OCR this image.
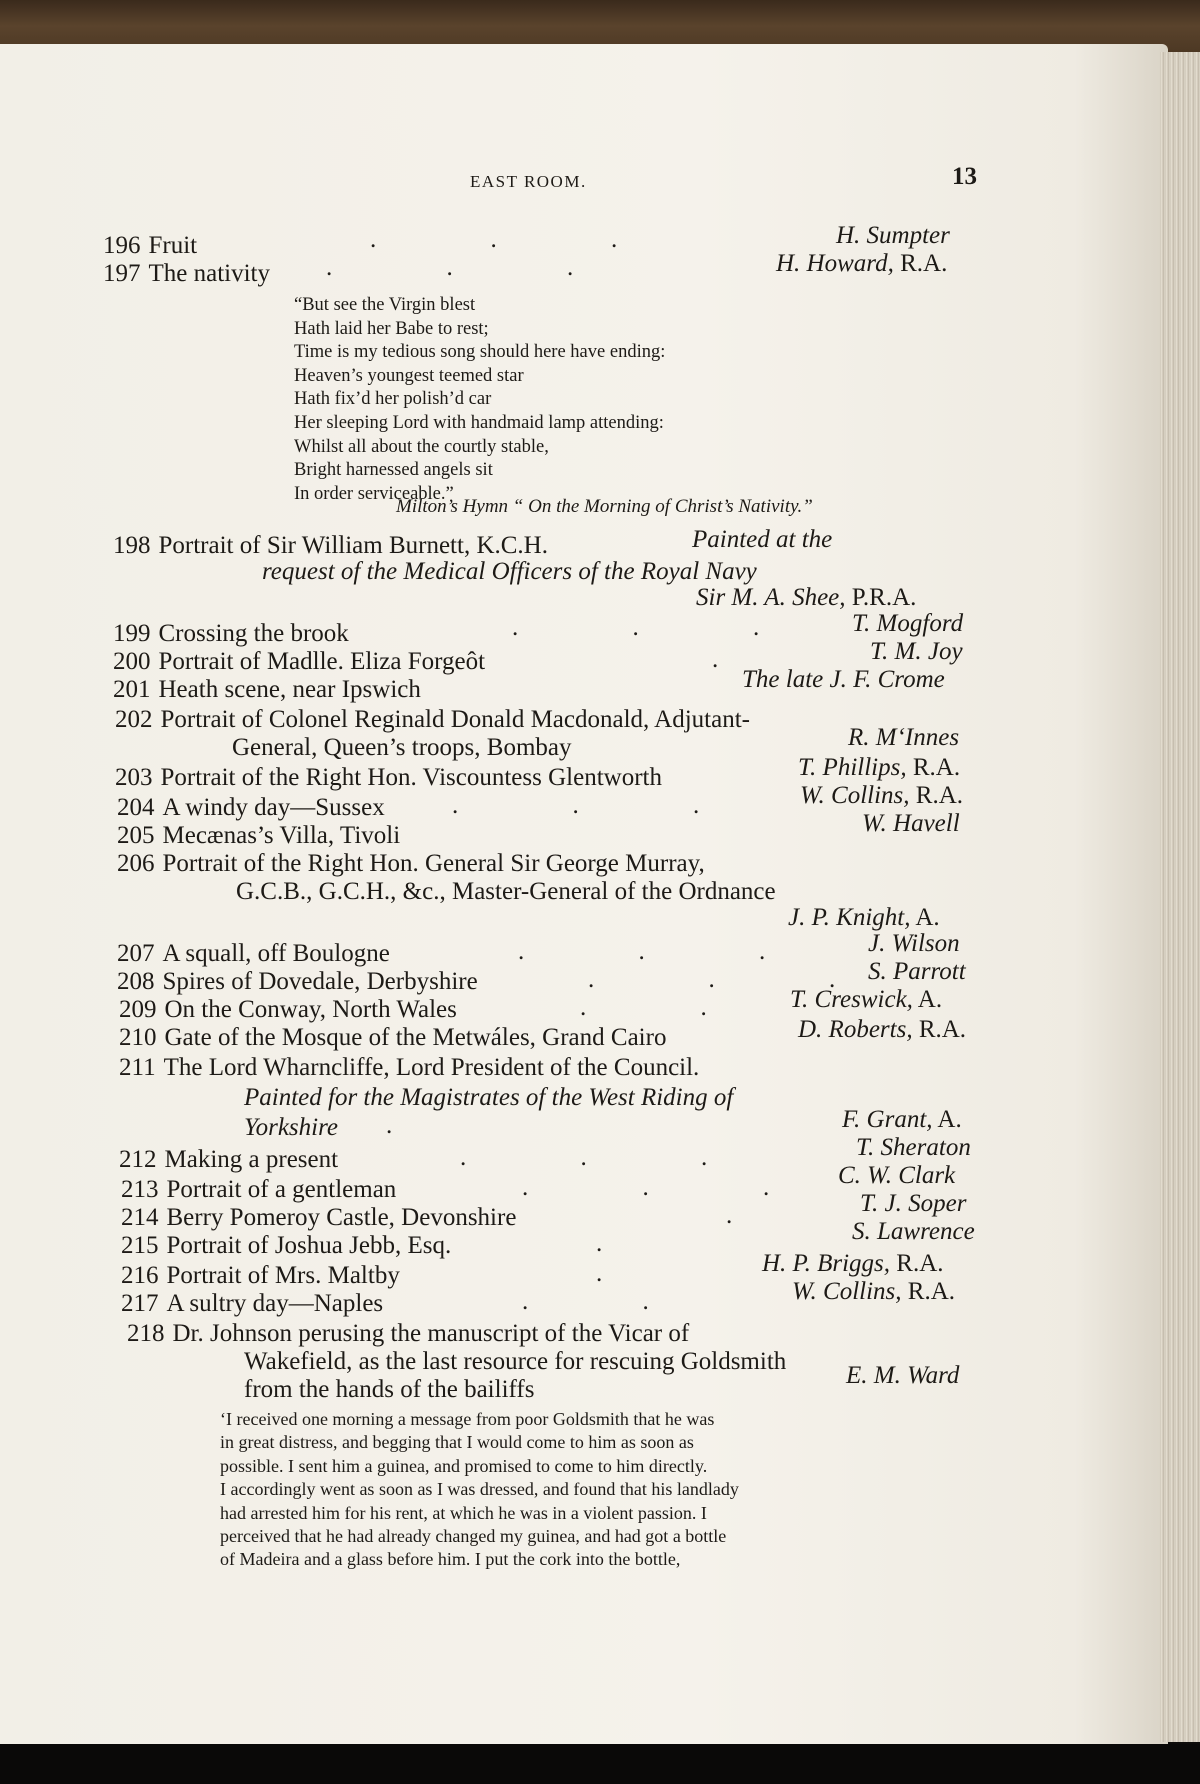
EAST ROOM.	13
196 Fruit	. . .	H. Sumpter
197 The nativity . . .	H. Howard, R.A.
“But see the Virgin blest
Hath laid her Babe to rest;
Time is my tedious song should here have ending:
Heaven’s youngest teemed star
Hath fix’d her polish’d car
Her sleeping Lord with handmaid lamp attending:
Whilst all about the courtly stable,
Bright harnessed angels sit
In order serviceable.”
Milton’s Hymn “ On the Morning of Christ’s Nativity.”
198 Portrait of Sir William Burnett, K.C.H.	Painted at the
request of the Medical Officers of the Royal Navy
Sir M. A. Shee, P.R.A.
199 Crossing the brook	. . . T. Mogford
200 Portrait of Madlle. Eliza Forgeôt	.	T. M. Joy
201 Heath scene, near Ipswich	The late J. F. Crome
202 Portrait of Colonel Reginald Donald Macdonald, Adjutant-
General, Queen’s troops, Bombay	R. M‘Innes
203 Portrait of the Right Hon. Viscountess Glentworth	T. Phillips, R.A.
204 A windy day—Sussex	. . . W. Collins, R.A.
205 Mecænas’s Villa, Tivoli	W. Havell
206 Portrait of the Right Hon. General Sir George Murray,
G.C.B., G.C.H., &c., Master-General of the Ordnance
J. P. Knight, A.
207 A squall, off Boulogne	. . . J. Wilson
208 Spires of Dovedale, Derbyshire	. . .
S. Parrott
209 On the Conway, North Wales	. . T. Creswick, A.
210 Gate of the Mosque of the Metwáles, Grand Cairo	D. Roberts, R.A.
211 The Lord Wharncliffe, Lord President of the Council.
Painted for the Magistrates of the West Riding of
Yorkshire .	F. Grant, A.
212 Making a present	. . .	T. Sheraton
213 Portrait of a gentleman	. . . C. W. Clark
214 Berry Pomeroy Castle, Devonshire	.	T. J. Soper
215 Portrait of Joshua Jebb, Esq.	.	S. Lawrence
216 Portrait of Mrs. Maltby	.	H. P. Briggs, R.A.
217 A sultry day—Naples	. .	W. Collins, R.A.
218 Dr. Johnson perusing the manuscript of the Vicar of
Wakefield, as the last resource for rescuing Goldsmith
from the hands of the bailiffs
E. M. Ward
‘I received one morning a message from poor Goldsmith that he was
in great distress, and begging that I would come to him as soon as
possible. I sent him a guinea, and promised to come to him directly.
I accordingly went as soon as I was dressed, and found that his landlady
had arrested him for his rent, at which he was in a violent passion. I
perceived that he had already changed my guinea, and had got a bottle
of Madeira and a glass before him. I put the cork into the bottle,
